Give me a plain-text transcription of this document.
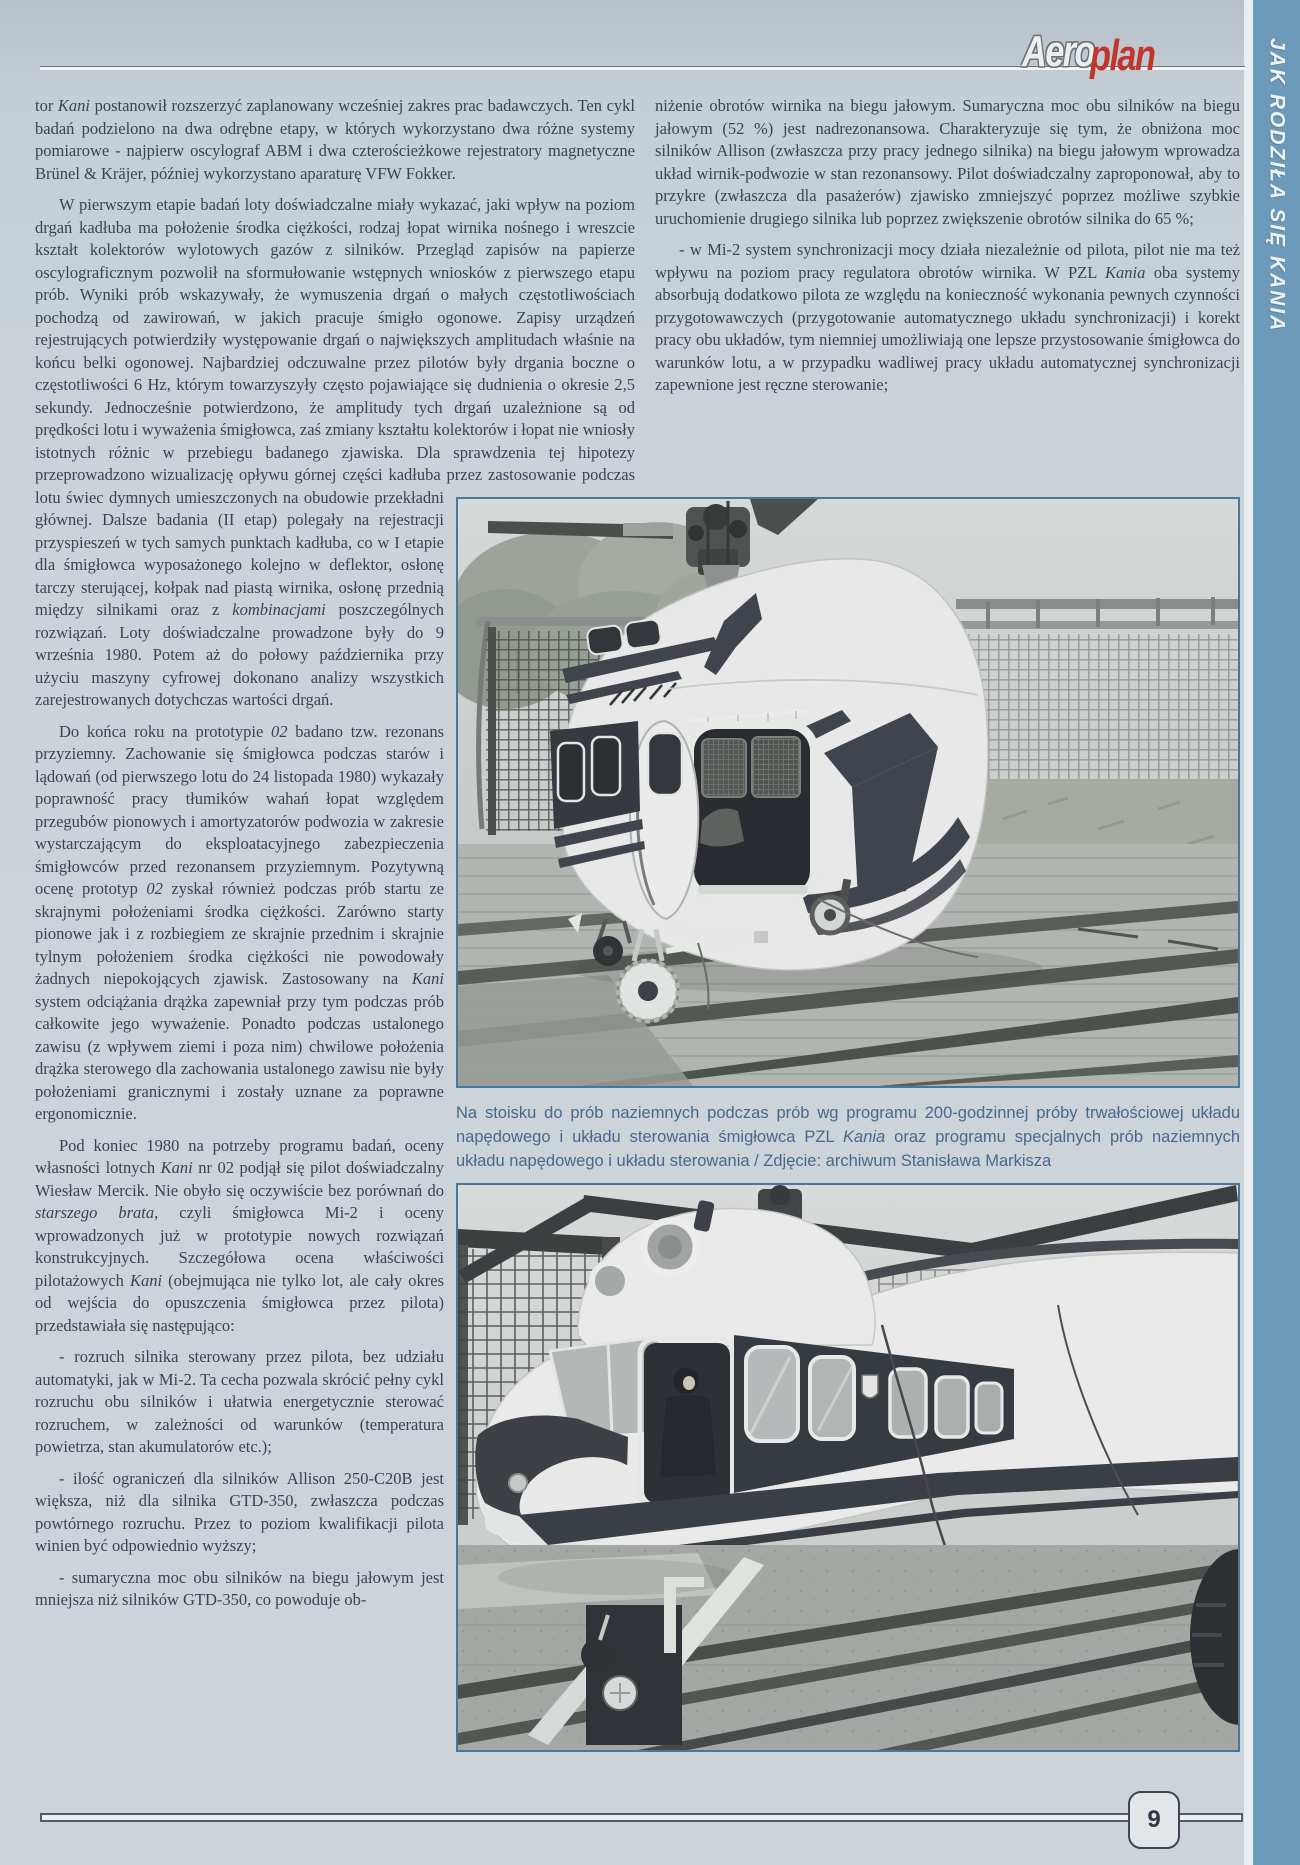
JAK RODZIŁA SIĘ KANIA
Aeroplan

niżenie obrotów wirnika na biegu jałowym. Sumaryczna moc obu silników na biegu jałowym (52 %) jest nadrezonansowa. Charakteryzuje się tym, że obniżona moc silników Allison (zwłaszcza przy pracy jednego silnika) na biegu jałowym wprowadza układ wirnik-podwozie w stan rezonansowy. Pilot doświadczalny zaproponował, aby to przykre (zwłaszcza dla pasażerów) zjawisko zmniejszyć poprzez możliwe szybkie uruchomienie drugiego silnika lub poprzez zwiększenie obrotów silnika do 65 %;

- w Mi-2 system synchronizacji mocy działa niezależnie od pilota, pilot nie ma też wpływu na poziom pracy regulatora obrotów wirnika. W PZL Kania oba systemy absorbują dodatkowo pilota ze względu na konieczność wykonania pewnych czynności przygotowawczych (przygotowanie automatycznego układu synchronizacji) i korekt pracy obu układów, tym niemniej umożliwiają one lepsze przystosowanie śmigłowca do warunków lotu, a w przypadku wadliwej pracy układu automatycznej synchronizacji zapewnione jest ręczne sterowanie;

Na stoisku do prób naziemnych podczas prób wg programu 200-godzinnej próby trwałościowej układu napędowego i układu sterowania śmigłowca PZL Kania oraz programu specjalnych prób naziemnych układu napędowego i układu sterowania / Zdjęcie: archiwum Stanisława Markisza

tor Kani postanowił rozszerzyć zaplanowany wcześniej zakres prac badawczych. Ten cykl badań podzielono na dwa odrębne etapy, w których wykorzystano dwa różne systemy pomiarowe - najpierw oscylograf ABM i dwa czterościeżkowe rejestratory magnetyczne Brünel & Kräjer, później wykorzystano aparaturę VFW Fokker.

W pierwszym etapie badań loty doświadczalne miały wykazać, jaki wpływ na poziom drgań kadłuba ma położenie środka ciężkości, rodzaj łopat wirnika nośnego i wreszcie kształt kolektorów wylotowych gazów z silników. Przegląd zapisów na papierze oscylograficznym pozwolił na sformułowanie wstępnych wniosków z pierwszego etapu prób. Wyniki prób wskazywały, że wymuszenia drgań o małych częstotliwościach pochodzą od zawirowań, w jakich pracuje śmigło ogonowe. Zapisy urządzeń rejestrujących potwierdziły występowanie drgań o największych amplitudach właśnie na końcu belki ogonowej. Najbardziej odczuwalne przez pilotów były drgania boczne o częstotliwości 6 Hz, którym towarzyszyły często pojawiające się dudnienia o okresie 2,5 sekundy. Jednocześnie potwierdzono, że amplitudy tych drgań uzależnione są od prędkości lotu i wyważenia śmigłowca, zaś zmiany kształtu kolektorów i łopat nie wniosły istotnych różnic w przebiegu badanego zjawiska. Dla sprawdzenia tej hipotezy przeprowadzono wizualizację opływu górnej części kadłuba przez zastosowanie podczas lotu świec dymnych umieszczonych na obudowie przekładni głównej. Dalsze badania (II etap) polegały na rejestracji przyspieszeń w tych samych punktach kadłuba, co w I etapie dla śmigłowca wyposażonego kolejno w deflektor, osłonę tarczy sterującej, kołpak nad piastą wirnika, osłonę przednią między silnikami oraz z kombinacjami poszczególnych rozwiązań. Loty doświadczalne prowadzone były do 9 września 1980. Potem aż do połowy października przy użyciu maszyny cyfrowej dokonano analizy wszystkich zarejestrowanych dotychczas wartości drgań.

Do końca roku na prototypie 02 badano tzw. rezonans przyziemny. Zachowanie się śmigłowca podczas starów i lądowań (od pierwszego lotu do 24 listopada 1980) wykazały poprawność pracy tłumików wahań łopat względem przegubów pionowych i amortyzatorów podwozia w zakresie wystarczającym do eksploatacyjnego zabezpieczenia śmigłowców przed rezonansem przyziemnym. Pozytywną ocenę prototyp 02 zyskał również podczas prób startu ze skrajnymi położeniami środka ciężkości. Zarówno starty pionowe jak i z rozbiegiem ze skrajnie przednim i skrajnie tylnym położeniem środka ciężkości nie powodowały żadnych niepokojących zjawisk. Zastosowany na Kani system odciążania drążka zapewniał przy tym podczas prób całkowite jego wyważenie. Ponadto podczas ustalonego zawisu (z wpływem ziemi i poza nim) chwilowe położenia drążka sterowego dla zachowania ustalonego zawisu nie były położeniami granicznymi i zostały uznane za poprawne ergonomicznie.

Pod koniec 1980 na potrzeby programu badań, oceny własności lotnych Kani nr 02 podjął się pilot doświadczalny Wiesław Mercik. Nie obyło się oczywiście bez porównań do starszego brata, czyli śmigłowca Mi-2 i oceny wprowadzonych już w prototypie nowych rozwiązań konstrukcyjnych. Szczegółowa ocena właściwości pilotażowych Kani (obejmująca nie tylko lot, ale cały okres od wejścia do opuszczenia śmigłowca przez pilota) przedstawiała się następująco:

- rozruch silnika sterowany przez pilota, bez udziału automatyki, jak w Mi-2. Ta cecha pozwala skrócić pełny cykl rozruchu obu silników i ułatwia energetycznie sterować rozruchem, w zależności od warunków (temperatura powietrza, stan akumulatorów etc.);

- ilość ograniczeń dla silników Allison 250-C20B jest większa, niż dla silnika GTD-350, zwłaszcza podczas powtórnego rozruchu. Przez to poziom kwalifikacji pilota winien być odpowiednio wyższy;

- sumaryczna moc obu silników na biegu jałowym jest mniejsza niż silników GTD-350, co powoduje ob-

9
